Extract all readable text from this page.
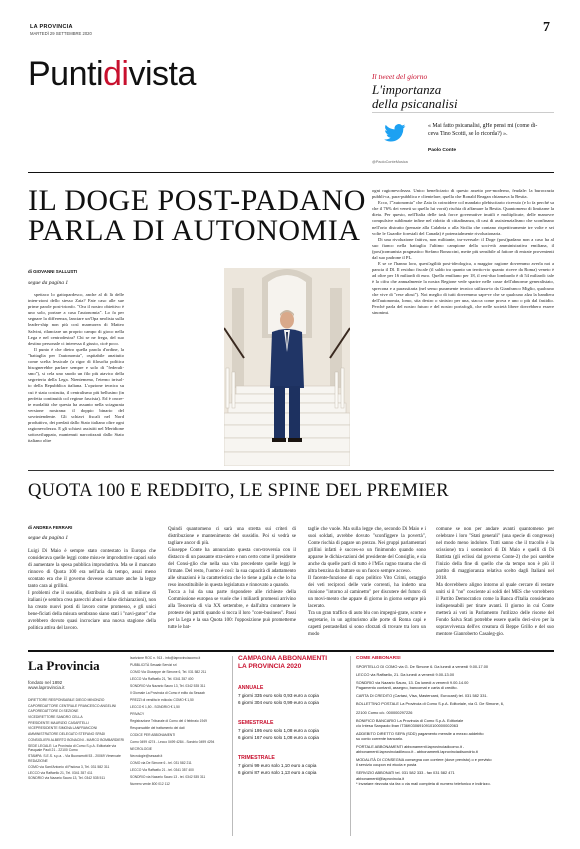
LA PROVINCIA
MARTEDÌ 29 SETTEMBRE 2020	7
Puntidivista	Il tweet del giorno
L'importanza
della psicanalisi
« Mai fatto psicanalisi, gHe pensi mi (come di-
ceva Tino Scotti, se lo ricorda?) ».
Paolo Conte
@PaoloConteMusica
IL DOGE POST-PADANO
PARLA DI AUTONOMIA
di GIOVANNI SALLUSTI
segue da pagina 1

spettaco lo gattopardesco, anche al di là delle inten-zioni dello stesso Zaia? Fate caso alle sue prime parole post-trionfo. "Ora il nostro obiettivo è uno solo, portare a casa l'autonomia". Lo fa per segnare la differenza, lanciare un'Opa neolista sulla leader-ship non più così marmorea di Matteo Salvini, rilanciare un proprio campo di gioco nella Lega e nel centrodestra? Chi se ne frega, del suo destino personale ci interessa il giusto, cioè poco.

Il punto è che dietro quella parola d'ordine, la "battaglia per l'autonomia", ospitabile anzitutto come scelta lessicale (a rigor di filosofia politica bisognerebbe parlare sempre e solo di "federali-smo"), si cela uno snodo un filo più atavico della segreteria della Lega. Nientemeno, l'eterno irrisol-to della Repubblica italiana. L'opzione tecnica su cui è stata costruita, il centralismo più bellusino (in perfetta continuità col regime fascista). Ed è oncre-te modalità che questa ha assunto nella sciagurata versione nostrana: il doppio binario del sovrintendente. Gli schiavi fiscali nel Nord produttivo, dei predati dallo Stato italiano oltre ogni ragionevolezza. E gli schiavi assistiti nel Meridione sottosviluppato, mantenuti narcotizzati dallo Stato italiano oltre

ogni ragionevolezza. Unico beneficiario di questo assetto pre-moderno, feudale: la burocrazia pubbli-ca, para-pubblica e clientelare, quella che Ronald Reagan chiamava la Bestia.

Ecco, l'"autonomia" che Zaia fa coincidere col mandato plebiscitario ricevuto (e lo fa perché sa che il 76% dei veneti so quello lui vorrà) rischia di affamare la Bestia. Quantomeno di limitarne la dieta. Per questo, nell'Italia delle task force governative inutili e moltiplicate, delle manovre compulsive sublimate infine nel ridotto di cittadinanza, di casi di assistenzialismo che sconfinano nell'orto distratto (pensate alla Calabria o alla Sicilia che contano rispettivamente tre volte e sei volte le Guardie forestali del Canada) è potenzialmente rivoluzionaria.

Di una rivoluzione fattiva, non militante, tra-sversale: il Doge (post)padano non a caso ha al suo fianco nella battaglia l'ultimo campione della soci-età amministrativa emiliana, il (post)comunista pragmatico Stefano Bonaccini, mette più sensibile al fattore di entrate provenienti dal suo padrone il PL.

E se ce l'hanno loro, quest'agilità post-ideologica, a maggior ragione dovremmo averla noi a pancia il Dl. Il residuo fiscale (il saldo tra quanto un territo-rio quanto riceve da Roma) veneto è ad oltre per 16 miliardi di euro. Quello emiliano per 18, il resi-duo lombardo è di 54 miliardi: tale è la cifra che annualmente la nostra Regione vede sparire nelle casse dell'abnorme generalistato, sprecona e a parassitaria (nel senso puramente tecnico utilizza-to da Gianfranco Miglio, qualcuno che vive di "rese altrui"). Noi meglio di tutti dovremmo sape-re che se qualcuno alza la bandiera dell'autonomia, lomo, stia destro o sinistro per una, stacca come prova e uno o più dal fastidio. Perché parla del nostro futuro e del nostro portafogli, che nelle società libere dovrebbero essere sinonimi.

QUOTA 100 E REDDITO, LE SPINE DEL PREMIER
di ANDREA FERRARI
segue da pagina 1
Luigi Di Maio è sempre stato contestato in Europa che considerava quelle leggi come misu-re improduttive capaci solo di aumentare la spesa pubblica improduttiva. Ma se il mancato rinnovo di Quota 100 era nell'aria da tempo, assai meno scontato era che il governo dovesse scarruare anche la legge tanto cara ai grillini.
I problemi che il sussidio, distribuito a più di un milione di italiani (e sembra crea parecchi abusi e false dichiarazioni), non ha creato nuovi posti di lavoro come promesso, e gli unici bene-ficiati della misura sembrano siano stati i "navi-gator" che avrebbero dovuto quasi incrociare una nuova stagione della politica attiva del lavoro.
Quindi quantomeno ci sarà una stretta sui criteri di distribuzione e mantenimento del sussidio. Poi si vedrà se tagliare ancor di più.
Giuseppe Conte ha annunciato questa con-troversia con il distacco di un passante stra-niero e non certo come il presidente del Consi-glio che nella sua vita precedente quelle leggi le firmate. Del resto, l'uomo è così: la sua capacità di adattamento alle situazioni è la caratteristica che lo tiene a galla e che lo ha reso insostituibile in questa legislatura e rinnovato a quando.
Tocca a lui da una parte rispondere alle richieste della Commissione europea se vuole che i miliardi promessi arrivino alla Tesoreria di via XX settembre, e dall'altra contenere le proteste dei partiti quando si tocca il loro "core-business". Passi per la Lega e la sua Quota 100: l'opposizione può prometterne tutte le bat-
taglie che vuole. Ma sulla legge che, secondo Di Maio e i suoi soldati, avrebbe dovuto "sconfiggere la povertà", Conte rischia di pagare un prezzo. Nei gruppi parlamentari grillini infatti è succes-so un finimondo quando sono apparse le dichia-razioni del presidente del Consiglio, e sia anche da quelle parti di tutto è l'M5s ragno trauma che di altra benzina da buttare su un fuoco sempre acceso.
Il facente-funzione di capo politico Vito Crimi, ostaggio dei veti reciproci delle varie correnti, ha indetto una riunione "intorno al caminetto" per discutere del futuro di un movi-mento che appare di giorno in giorno sempre più lacerato.
Tra un gran traffico di auto blu con impegni-grate, scorte e segretarie, in un agriturismo alle porte di Roma capi e capetti pentastellati si sono sforzati di trovare tra loro un modo
comune se non per andare avanti quantomeno per celebrare i loro "Stati generali" (una specie di congresso) nel modo meno indolore. Tutti sanno che il tracollo è la scissione) tra i sostenitori di Di Maio e quelli di Di Battista (gli eclissi dal governo Conte-2) che poi sarebbe l'inizio della fine di quello che da tempo non è più il partito di maggioranza relativa scelto dagli Italiani nel 2018.
Ma dovrebbero aligno intorno al quale cercare di restare uniti si il "no" cosciente ai soldi del MES che vorrebbero il Partito Democratico come la Banca d'Italia considerano indispensabili per tirare avanti. Il giorno in cui Conte metterà ai voti in Parlamento l'utilizzo delle risorse del Fondo Salva Stati potrebbe essere quello deci-sivo per la sopravvivenza dell'ex creatura di Beppe Grillo e del suo mentore Gianroberto Casaleg-gio.
La Provincia
fondato nel 1892
www.laprovincia.it
DIRETTORE RESPONSABILE DIEGO MINONZIO
CAPOREDATTORE CENTRALE FRANCESCO ANGELINI
CAPOREDATTORE DI SEZIONE
VICEDIRETTORE SANDRO CELLA
PRESIDENTE MAURIZIO CASARTELLI
VICEPRESIDENTE SIMONA LANFRANCONI
AMMINISTRATORE DELEGATO STEFANO SPADI
CONSIGLIERI ALBERTO BONACINI - MARCO BOMBARDIERI
SEDE LEGALE: La Provincia di Como S.p.A. Editoriale via Pasquale Paoli 21 - 22100 Como
STAMPA: S.E.S. s.p.a. - Via Buonarrotti 53 - 20069 Vimercate
REDAZIONE
COMO via Sant'Antonio di Padova 3, Tel. 031 582 311
LECCO via Raffaello 21, Tel. 0341 357 411
SONDRIO via Nazario Sauro 13, Tel. 0342 535 511
Iscrizione ROC n. 913 - info@laprovinciacomo.it
PUBBLICITÀ Sesaab Servizi srl
COMO Via Giuseppe de Simone 6, Tel. 031 582 211
LECCO Via Raffaello 21, Tel. 0341 357 400
SONDRIO Via Nazario Sauro 13, Tel. 0342 535 311
Il Giornale La Provincia di Como è edito da Sesaab
PREZZI di vendita in edicola: COMO € 1,50
LECCO € 1,50 - SONDRIO € 1,50
PRIVACY
Registrazione Tribunale di Como del 4 febbraio 1949
Responsabile del trattamento dei dati
CODICE PER ABBONAMENTI
Como 0499 4274 - Lecco 0499 4284 - Sondrio 0499 4294
NECROLOGIE
Necrologie@sesaab.it
COMO via De Simone 6 - tel. 031 582 211
LECCO Via Raffaello 21 - tel. 0341 357 400
SONDRIO via Nazario Sauro 13 - tel. 0342 535 311
Numero verde 800 012 112
CAMPAGNA ABBONAMENTI
LA PROVINCIA 2020
ANNUALE
7 giorni 335 euro solo 0,93 euro a copia
6 giorni 304 euro solo 0,99 euro a copia
SEMESTRALE
7 giorni 195 euro solo 1,08 euro a copia
6 giorni 167 euro solo 1,08 euro a copia
TRIMESTRALE
7 giorni 99 euro solo 1,10 euro a copia
6 giorni 87 euro solo 1,13 euro a copia
COME ABBONARSI
SPORTELLO DI COMO via G. De Simone 6. Da lunedì a venerdì 9.00-17.00
LECCO via Raffaello, 21. Da lunedì a venerdì 9.00-13.00
SONDRIO via Nazario Sauro, 13. Da lunedì a venerdì 9.00-14.00
Pagamento contanti, assegno, bancomat e carta di credito.
CARTA DI CREDITO (Cartasì, Visa, Mastercard, Eurocard) tel. 031 582 331.
BOLLETTINO POSTALE La Provincia di Como S.p.A. Editoriale, via G. De Simone, 6,
22100 Como c/c. 000000297226
BONIFICO BANCARIO La Provincia di Como S.p.A. Editoriale
c/o Intesa Sanpaolo Iban IT36K0306910910100000002063
ADDEBITO DIRETTO SEPA (SDD) pagamento mensile a mezzo addebito
su conto corrente bancario.
PORTALE ABBONAMENTI abbonamenti.laprovinciadicomo.it -
abbonamenti.laprovinciadilecco.it - abbonamenti.laprovinciadisondrio.it
MODALITÀ DI CONSEGNA consegna con corriere (dove previsto) o e previsto
il servizio coupon ed eicola e posta
SERVIZIO ABBONATI tel. 031 582 333 - fax 031 582 471
abbonamenti@laprovincia.it
* invariare riezvuta via fax o via mail completa di numero telefonico e indirizzo.
